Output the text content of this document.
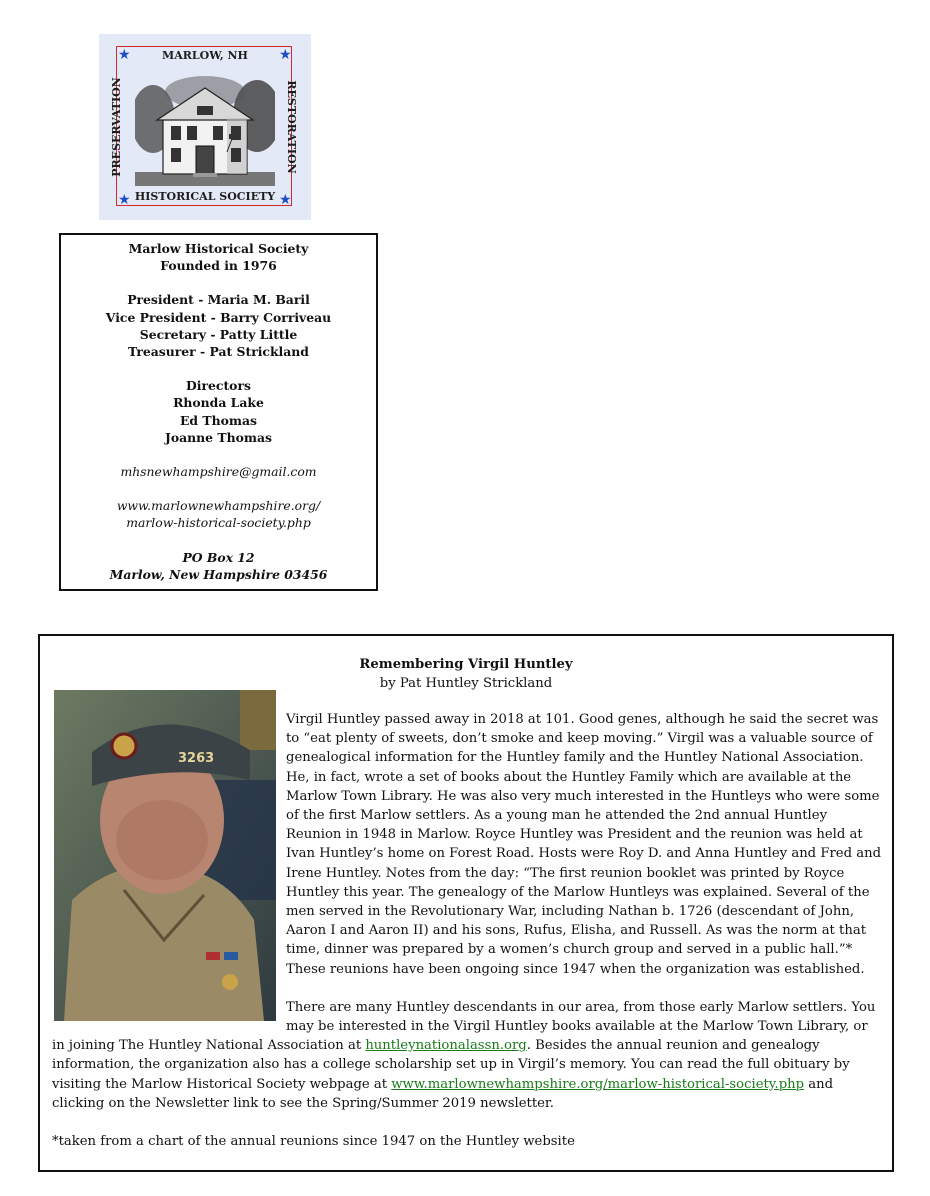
★	★
★	★
MARLOW, NH
HISTORICAL SOCIETY
PRESERVATION	RESTORATION
Marlow Historical Society
Founded in 1976
President - Maria M. Baril
Vice President - Barry Corriveau
Secretary - Patty Little
Treasurer - Pat Strickland
Directors
Rhonda Lake
Ed Thomas
Joanne Thomas
mhsnewhampshire@gmail.com
www.marlownewhampshire.org/
marlow-historical-society.php
PO Box 12
Marlow, New Hampshire 03456
Remembering Virgil Huntley
by Pat Huntley Strickland
3263

Virgil Huntley passed away in 2018 at 101. Good genes, although he said the secret was to “eat plenty of sweets, don’t smoke and keep moving.” Virgil was a valuable source of genealogical information for the Huntley family and the Huntley National Association. He, in fact, wrote a set of books about the Huntley Family which are available at the Marlow Town Library. He was also very much interested in the Huntleys who were some of the first Marlow settlers. As a young man he attended the 2nd annual Huntley Reunion in 1948 in Marlow. Royce Huntley was President and the reunion was held at Ivan Huntley’s home on Forest Road. Hosts were Roy D. and Anna Huntley and Fred and Irene Huntley. Notes from the day: “The first reunion booklet was printed by Royce Huntley this year. The genealogy of the Marlow Huntleys was explained. Several of the men served in the Revolutionary War, including Nathan b. 1726 (descendant of John, Aaron I and Aaron II) and his sons, Rufus, Elisha, and Russell. As was the norm at that time, dinner was prepared by a women’s church group and served in a public hall.”* These reunions have been ongoing since 1947 when the organization was established.

There are many Huntley descendants in our area, from those early Marlow settlers. You may be interested in the Virgil Huntley books available at the Marlow Town Library, or in joining The Huntley National Association at huntleynationalassn.org. Besides the annual reunion and genealogy information, the organization also has a college scholarship set up in Virgil’s memory. You can read the full obituary by visiting the Marlow Historical Society webpage at www.marlownewhampshire.org/marlow-historical-society.php and clicking on the Newsletter link to see the Spring/Summer 2019 newsletter.

*taken from a chart of the annual reunions since 1947 on the Huntley website
